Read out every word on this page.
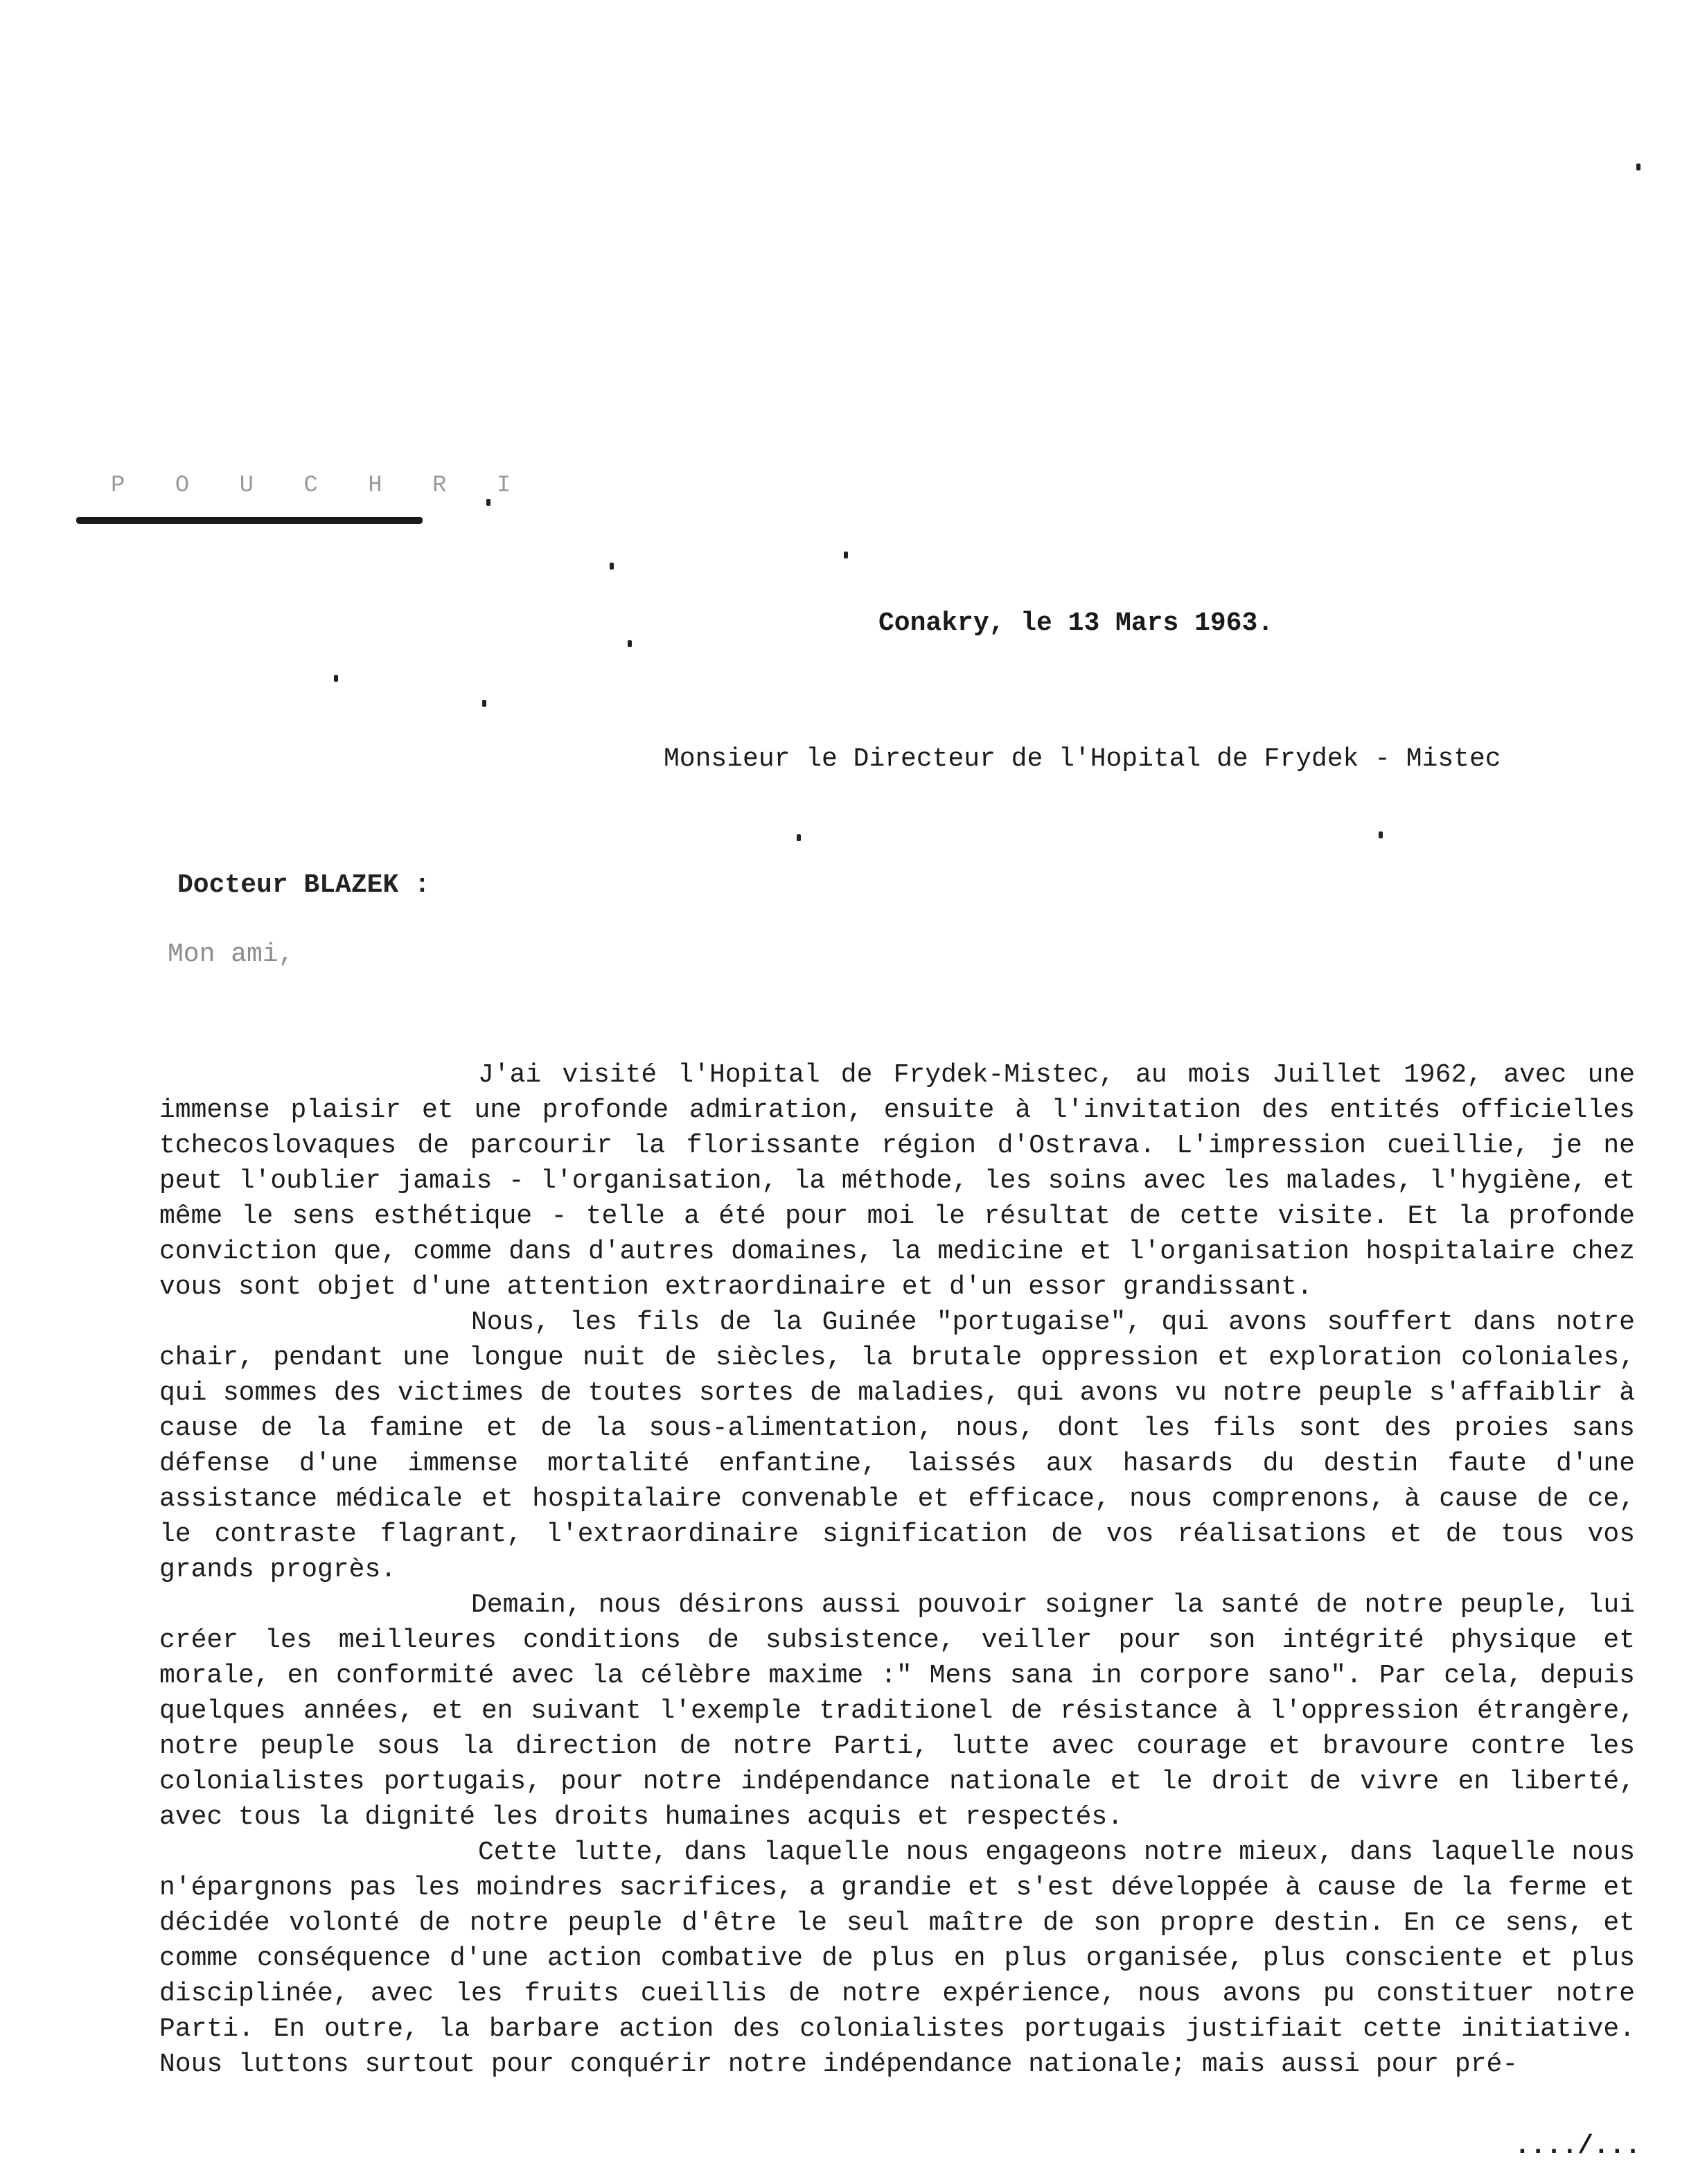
P O U C H R I
Conakry, le 13 Mars 1963.
Monsieur le Directeur de l'Hopital de Frydek - Mistec
Docteur BLAZEK :
Mon ami,

J'ai visité l'Hopital de Frydek-Mistec, au mois Juillet 1962, avec une immense plaisir et une profonde admiration, ensuite à l'invitation des entités officielles tchecoslovaques de parcourir la florissante région d'Ostrava. L'impression cueillie, je ne peut l'oublier jamais - l'organisation, la méthode, les soins avec les malades, l'hygiène, et même le sens esthétique - telle a été pour moi le résultat de cette visite. Et la profonde conviction que, comme dans d'autres domaines, la medicine et l'organisation hospitalaire chez vous sont objet d'une attention extraordinaire et d'un essor grandissant.

Nous, les fils de la Guinée "portugaise", qui avons souffert dans notre chair, pendant une longue nuit de siècles, la brutale oppression et exploration coloniales, qui sommes des victimes de toutes sortes de maladies, qui avons vu notre peuple s'affaiblir à cause de la famine et de la sous-alimentation, nous, dont les fils sont des proies sans défense d'une immense mortalité enfantine, laissés aux hasards du destin faute d'une assistance médicale et hospitalaire convenable et efficace, nous comprenons, à cause de ce, le contraste flagrant, l'extraordinaire signification de vos réalisations et de tous vos grands progrès.

Demain, nous désirons aussi pouvoir soigner la santé de notre peuple, lui créer les meilleures conditions de subsistence, veiller pour son intégrité physique et morale, en conformité avec la célèbre maxime :" Mens sana in corpore sano". Par cela, depuis quelques années, et en suivant l'exemple traditionel de résistance à l'oppression étrangère, notre peuple sous la direction de notre Parti, lutte avec courage et bravoure contre les colonialistes portugais, pour notre indépendance nationale et le droit de vivre en liberté, avec tous la dignité les droits humaines acquis et respectés.

Cette lutte, dans laquelle nous engageons notre mieux, dans laquelle nous n'épargnons pas les moindres sacrifices, a grandie et s'est développée à cause de la ferme et décidée volonté de notre peuple d'être le seul maître de son propre destin. En ce sens, et comme conséquence d'une action combative de plus en plus organisée, plus consciente et plus disciplinée, avec les fruits cueillis de notre expérience, nous avons pu constituer notre Parti. En outre, la barbare action des colonialistes portugais justifiait cette initiative. Nous luttons surtout pour conquérir notre indépendance nationale; mais aussi pour pré-

..../...
